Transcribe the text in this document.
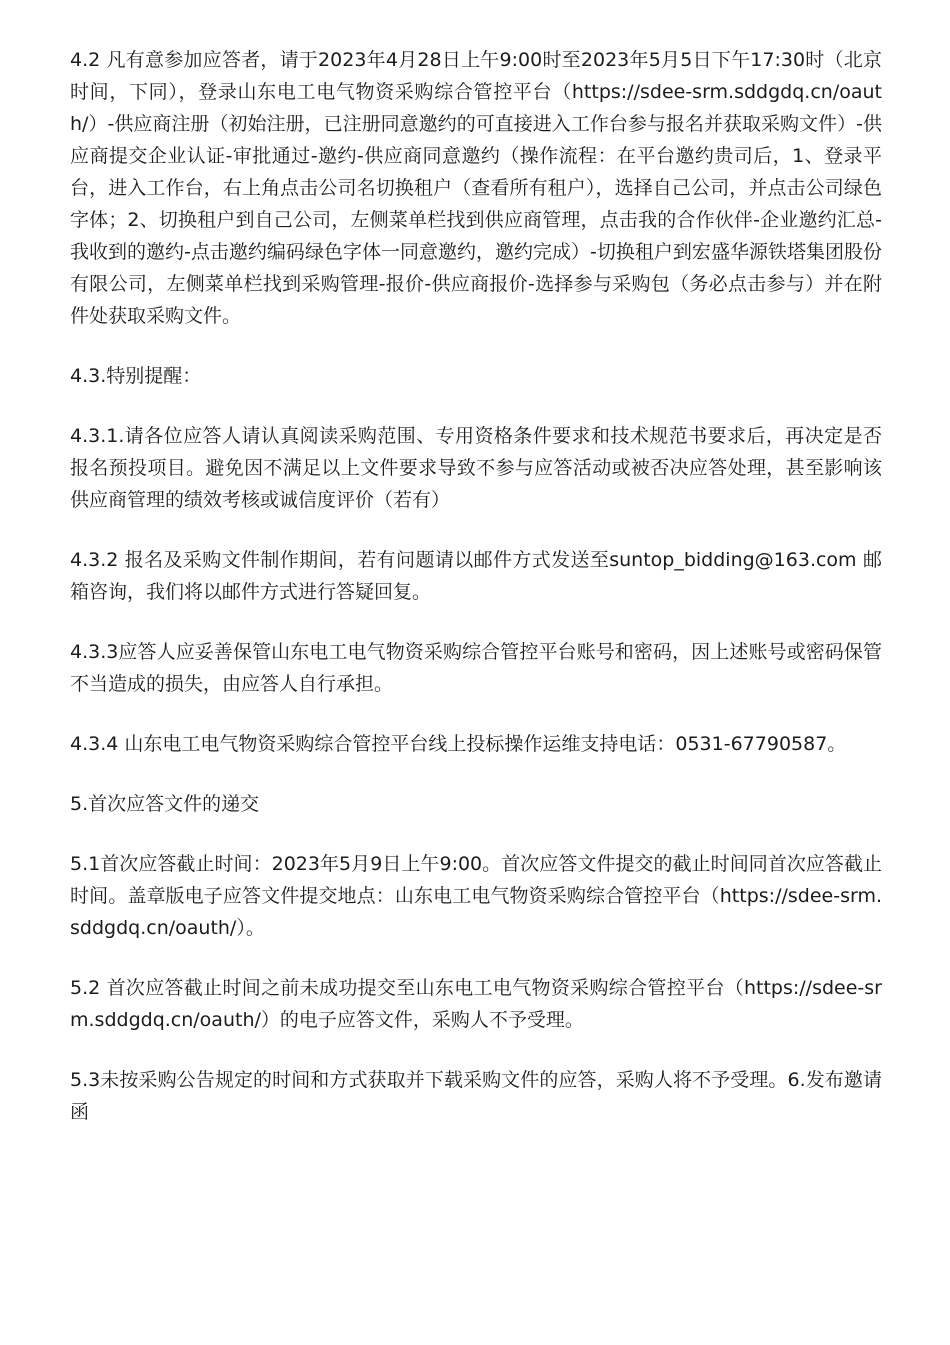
4.2 凡有意参加应答者，请于2023年4月28日上午9:00时至2023年5月5日下午17:30时（北京时间，下同），登录山东电工电气物资采购综合管控平台（https://sdee-srm.sddgdq.cn/oauth/）-供应商注册（初始注册，已注册同意邀约的可直接进入工作台参与报名并获取采购文件）-供应商提交企业认证-审批通过-邀约-供应商同意邀约（操作流程：在平台邀约贵司后，1、登录平台，进入工作台，右上角点击公司名切换租户（查看所有租户），选择自己公司，并点击公司绿色字体；2、切换租户到自己公司，左侧菜单栏找到供应商管理，点击我的合作伙伴-企业邀约汇总-我收到的邀约-点击邀约编码绿色字体一同意邀约，邀约完成）-切换租户到宏盛华源铁塔集团股份有限公司，左侧菜单栏找到采购管理-报价-供应商报价-选择参与采购包（务必点击参与）并在附件处获取采购文件。

4.3.特别提醒：

4.3.1.请各位应答人请认真阅读采购范围、专用资格条件要求和技术规范书要求后，再决定是否报名预投项目。避免因不满足以上文件要求导致不参与应答活动或被否决应答处理，甚至影响该供应商管理的绩效考核或诚信度评价（若有）

4.3.2 报名及采购文件制作期间，若有问题请以邮件方式发送至suntop_bidding@163.com 邮箱咨询，我们将以邮件方式进行答疑回复。

4.3.3应答人应妥善保管山东电工电气物资采购综合管控平台账号和密码，因上述账号或密码保管不当造成的损失，由应答人自行承担。

4.3.4 山东电工电气物资采购综合管控平台线上投标操作运维支持电话：0531-67790587。

5.首次应答文件的递交

5.1首次应答截止时间：2023年5月9日上午9:00。首次应答文件提交的截止时间同首次应答截止时间。盖章版电子应答文件提交地点：山东电工电气物资采购综合管控平台（https://sdee-srm.sddgdq.cn/oauth/）。

5.2 首次应答截止时间之前未成功提交至山东电工电气物资采购综合管控平台（https://sdee-srm.sddgdq.cn/oauth/）的电子应答文件，采购人不予受理。

5.3未按采购公告规定的时间和方式获取并下载采购文件的应答，采购人将不予受理。6.发布邀请函
